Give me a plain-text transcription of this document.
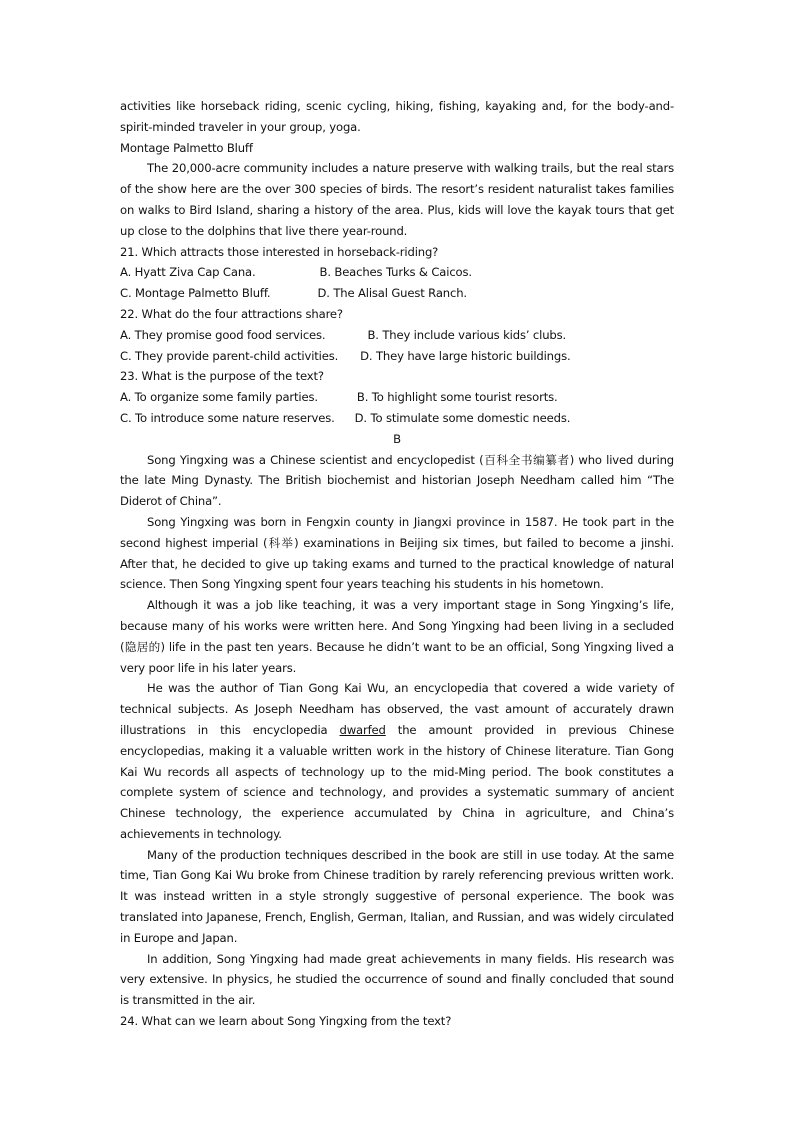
activities like horseback riding, scenic cycling, hiking, fishing, kayaking and, for the body-and-spirit-minded traveler in your group, yoga.

Montage Palmetto Bluff

The 20,000-acre community includes a nature preserve with walking trails, but the real stars of the show here are the over 300 species of birds. The resort’s resident naturalist takes families on walks to Bird Island, sharing a history of the area. Plus, kids will love the kayak tours that get up close to the dolphins that live there year-round.

21. Which attracts those interested in horseback-riding?

A. Hyatt Ziva Cap Cana.	B. Beaches Turks & Caicos.

C. Montage Palmetto Bluff.	D. The Alisal Guest Ranch.

22. What do the four attractions share?

A. They promise good food services.	B. They include various kids’ clubs.

C. They provide parent-child activities. D. They have large historic buildings.

23. What is the purpose of the text?

A. To organize some family parties.	B. To highlight some tourist resorts.

C. To introduce some nature reserves. D. To stimulate some domestic needs.

B

Song Yingxing was a Chinese scientist and encyclopedist (百科全书编纂者) who lived during the late Ming Dynasty. The British biochemist and historian Joseph Needham called him “The Diderot of China”.

Song Yingxing was born in Fengxin county in Jiangxi province in 1587. He took part in the second highest imperial (科举) examinations in Beijing six times, but failed to become a jinshi. After that, he decided to give up taking exams and turned to the practical knowledge of natural science. Then Song Yingxing spent four years teaching his students in his hometown.

Although it was a job like teaching, it was a very important stage in Song Yingxing’s life, because many of his works were written here. And Song Yingxing had been living in a secluded (隐居的) life in the past ten years. Because he didn’t want to be an official, Song Yingxing lived a very poor life in his later years.

He was the author of Tian Gong Kai Wu, an encyclopedia that covered a wide variety of technical subjects. As Joseph Needham has observed, the vast amount of accurately drawn illustrations in this encyclopedia dwarfed the amount provided in previous Chinese encyclopedias, making it a valuable written work in the history of Chinese literature. Tian Gong Kai Wu records all aspects of technology up to the mid-Ming period. The book constitutes a complete system of science and technology, and provides a systematic summary of ancient Chinese technology, the experience accumulated by China in agriculture, and China’s achievements in technology.

Many of the production techniques described in the book are still in use today. At the same time, Tian Gong Kai Wu broke from Chinese tradition by rarely referencing previous written work. It was instead written in a style strongly suggestive of personal experience. The book was translated into Japanese, French, English, German, Italian, and Russian, and was widely circulated in Europe and Japan.

In addition, Song Yingxing had made great achievements in many fields. His research was very extensive. In physics, he studied the occurrence of sound and finally concluded that sound is transmitted in the air.

24. What can we learn about Song Yingxing from the text?
